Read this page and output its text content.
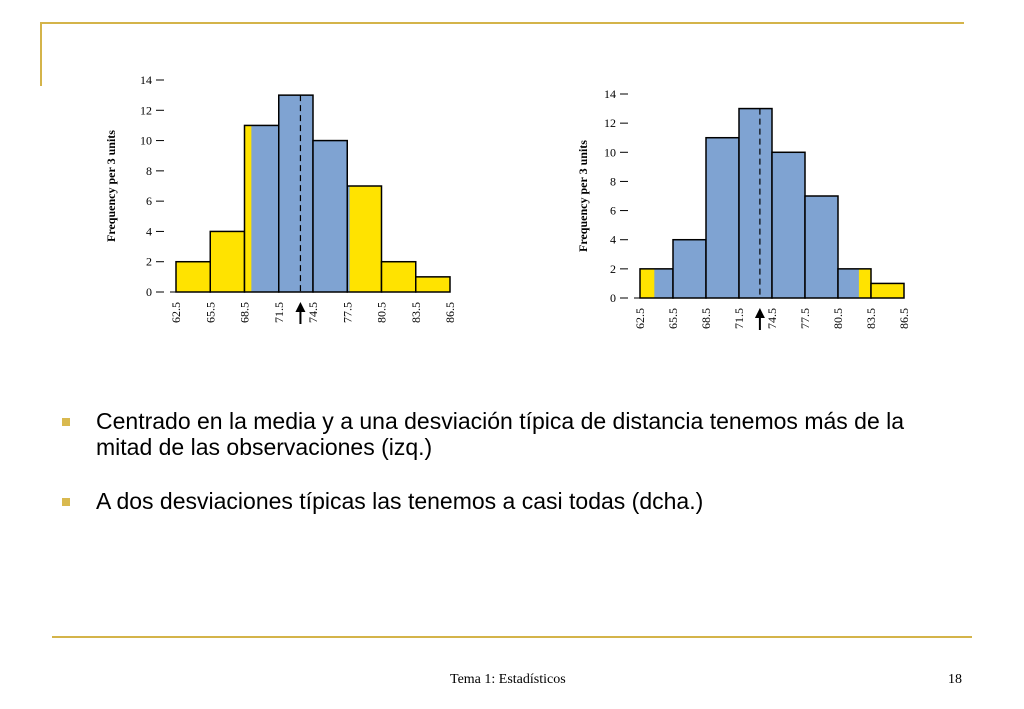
0
2
4
6
8
10
12
14
Frequency per 3 units
62.5 65.5 68.5 71.5 74.5 77.5 80.5 83.5 86.5
0
2
4
6
8
10
12
14
Frequency per 3 units
62.5 65.5 68.5 71.5 74.5 77.5 80.5 83.5 86.5
Centrado en la media y a una desviación típica de distancia tenemos más de la mitad de las observaciones (izq.)
A dos desviaciones típicas las tenemos a casi todas (dcha.)
Tema 1: Estadísticos	18
